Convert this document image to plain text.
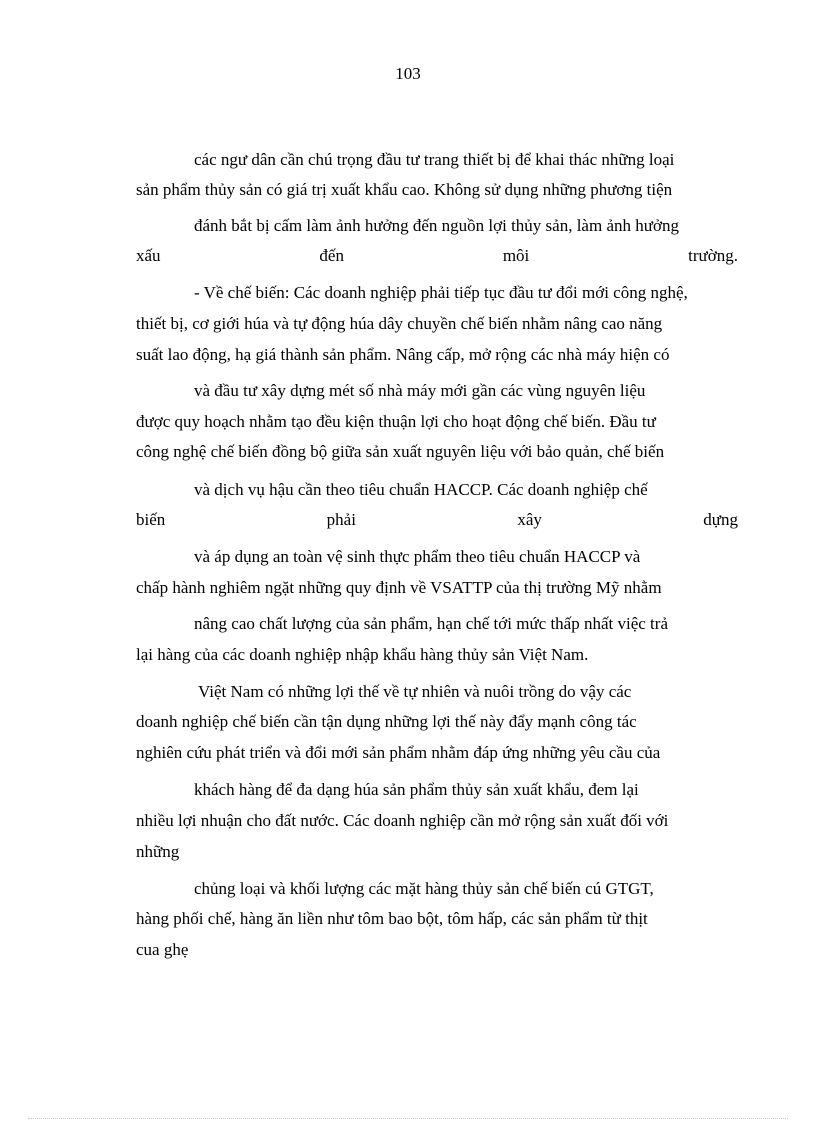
103
các ngư dân cần chú trọng đầu tư trang thiết bị để khai thác những loại
sản phẩm thủy sản có giá trị xuất khẩu cao. Không sử dụng những phương tiện
đánh bắt bị cấm làm ảnh hưởng đến nguồn lợi thủy sản, làm ảnh hưởng
xấu	đến	môi	trường.
- Về chế biến: Các doanh nghiệp phải tiếp tục đầu tư đổi mới công nghệ,
thiết bị, cơ giới húa và tự động húa dây chuyền chế biến nhằm nâng cao năng
suất lao động, hạ giá thành sản phẩm. Nâng cấp, mở rộng các nhà máy hiện có
và đầu tư xây dựng mét số nhà máy mới gần các vùng nguyên liệu
được quy hoạch nhằm tạo đều kiện thuận lợi cho hoạt động chế biến. Đầu tư
công nghệ chế biến đồng bộ giữa sản xuất nguyên liệu với bảo quản, chế biến
và dịch vụ hậu cần theo tiêu chuẩn HACCP. Các doanh nghiệp chế
biến	phải	xây	dựng
và áp dụng an toàn vệ sinh thực phẩm theo tiêu chuẩn HACCP và
chấp hành nghiêm ngặt những quy định về VSATTP của thị trường Mỹ nhằm
nâng cao chất lượng của sản phẩm, hạn chế tới mức thấp nhất việc trả
lại hàng của các doanh nghiệp nhập khẩu hàng thủy sản Việt Nam.
Việt Nam có những lợi thế về tự nhiên và nuôi trồng do vậy các
doanh nghiệp chế biến cần tận dụng những lợi thế này đẩy mạnh công tác
nghiên cứu phát triển và đổi mới sản phẩm nhằm đáp ứng những yêu cầu của
khách hàng để đa dạng húa sản phẩm thủy sản xuất khẩu, đem lại
nhiều lợi nhuận cho đất nước. Các doanh nghiệp cần mở rộng sản xuất đối với
những
chủng loại và khối lượng các mặt hàng thủy sản chế biến cú GTGT,
hàng phối chế, hàng ăn liền như tôm bao bột, tôm hấp, các sản phẩm từ thịt
cua ghẹ
